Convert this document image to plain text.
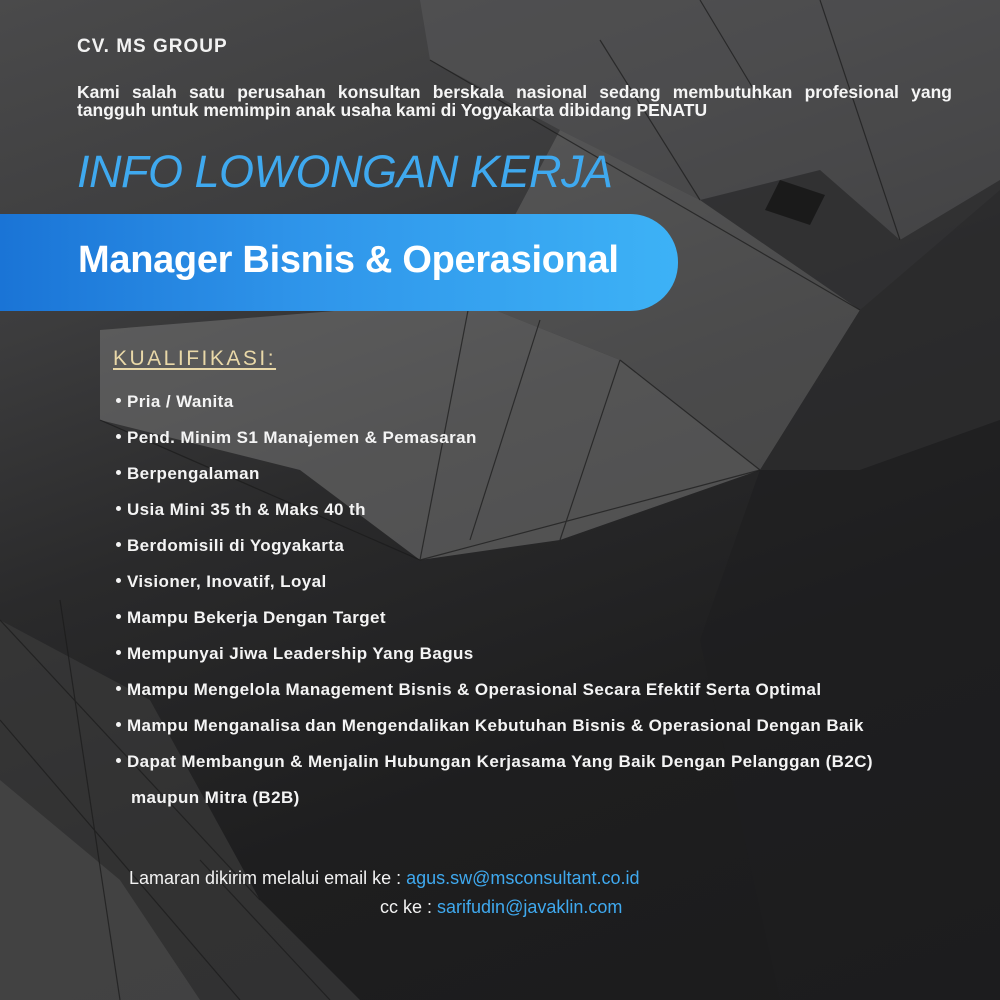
CV. MS GROUP
Kami salah satu perusahan konsultan berskala nasional sedang membutuhkan profesional yang tangguh untuk memimpin anak usaha kami di Yogyakarta dibidang PENATU
INFO LOWONGAN KERJA
Manager Bisnis & Operasional
KUALIFIKASI:
Pria / Wanita
Pend. Minim S1 Manajemen & Pemasaran
Berpengalaman
Usia Mini 35 th & Maks 40 th
Berdomisili di Yogyakarta
Visioner, Inovatif, Loyal
Mampu Bekerja Dengan Target
Mempunyai Jiwa Leadership Yang Bagus
Mampu Mengelola Management Bisnis & Operasional Secara Efektif Serta Optimal
Mampu Menganalisa dan Mengendalikan Kebutuhan Bisnis & Operasional Dengan Baik
Dapat Membangun & Menjalin Hubungan Kerjasama Yang Baik Dengan Pelanggan (B2C)
maupun Mitra (B2B)
Lamaran dikirim melalui email ke : agus.sw@msconsultant.co.id
cc ke : sarifudin@javaklin.com
